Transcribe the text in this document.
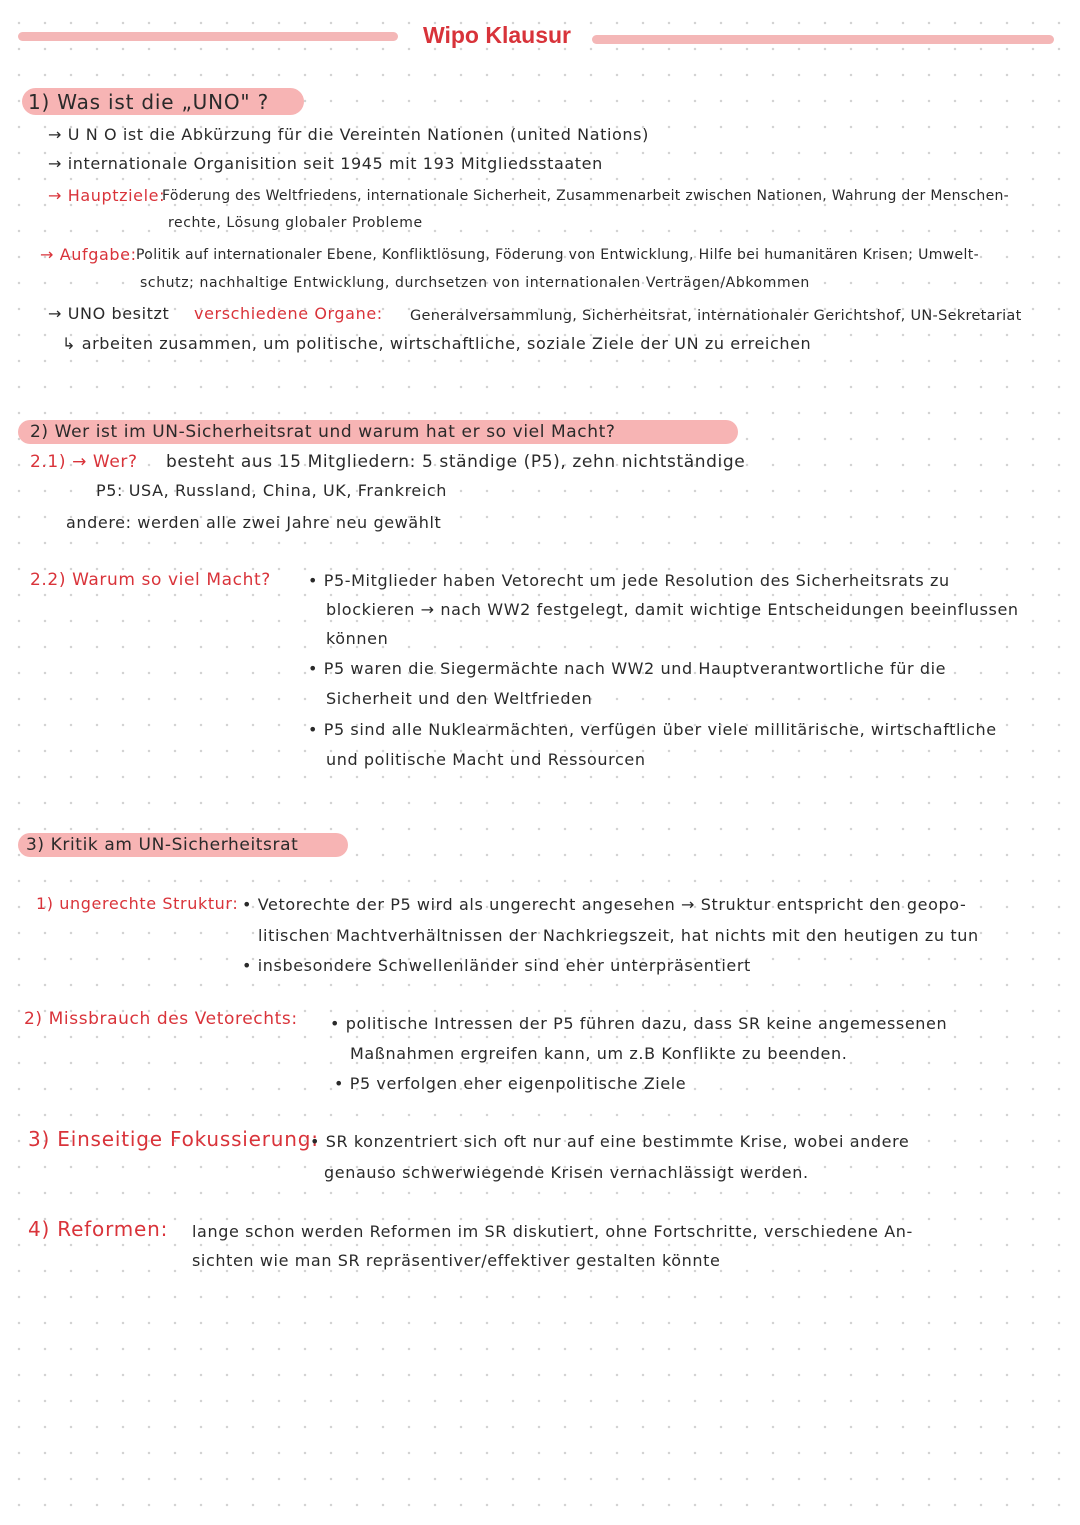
Wipo Klausur
1) Was ist die „UNO" ?
→ U N O ist die Abkürzung für die Vereinten Nationen (united Nations)
→ internationale Organisition seit 1945 mit 193 Mitgliedsstaaten
→ Hauptziele:
Föderung des Weltfriedens, internationale Sicherheit, Zusammenarbeit zwischen Nationen, Wahrung der Menschen-
rechte, Lösung globaler Probleme
→ Aufgabe: Politik auf internationaler Ebene, Konfliktlösung, Föderung von Entwicklung, Hilfe bei humanitären Krisen; Umwelt-
schutz; nachhaltige Entwicklung, durchsetzen von internationalen Verträgen/Abkommen
→ UNO besitzt verschiedene Organe: Generalversammlung, Sicherheitsrat, internationaler Gerichtshof, UN-Sekretariat
↳ arbeiten zusammen, um politische, wirtschaftliche, soziale Ziele der UN zu erreichen
2) Wer ist im UN-Sicherheitsrat und warum hat er so viel Macht?
2.1) → Wer? besteht aus 15 Mitgliedern: 5 ständige (P5), zehn nichtständige
P5: USA, Russland, China, UK, Frankreich
andere: werden alle zwei Jahre neu gewählt
2.2) Warum so viel Macht? • P5-Mitglieder haben Vetorecht um jede Resolution des Sicherheitsrats zu
blockieren → nach WW2 festgelegt, damit wichtige Entscheidungen beeinflussen
können
• P5 waren die Siegermächte nach WW2 und Hauptverantwortliche für die
Sicherheit und den Weltfrieden
• P5 sind alle Nuklearmächten, verfügen über viele millitärische, wirtschaftliche
und politische Macht und Ressourcen
3) Kritik am UN-Sicherheitsrat
1) ungerechte Struktur: • Vetorechte der P5 wird als ungerecht angesehen → Struktur entspricht den geopo-
litischen Machtverhältnissen der Nachkriegszeit, hat nichts mit den heutigen zu tun
• insbesondere Schwellenländer sind eher unterpräsentiert
2) Missbrauch des Vetorechts: • politische Intressen der P5 führen dazu, dass SR keine angemessenen
Maßnahmen ergreifen kann, um z.B Konflikte zu beenden.
• P5 verfolgen eher eigenpolitische Ziele
3) Einseitige Fokussierung:
• SR konzentriert sich oft nur auf eine bestimmte Krise, wobei andere
genauso schwerwiegende Krisen vernachlässigt werden.
4) Reformen: lange schon werden Reformen im SR diskutiert, ohne Fortschritte, verschiedene An-
sichten wie man SR repräsentiver/effektiver gestalten könnte
